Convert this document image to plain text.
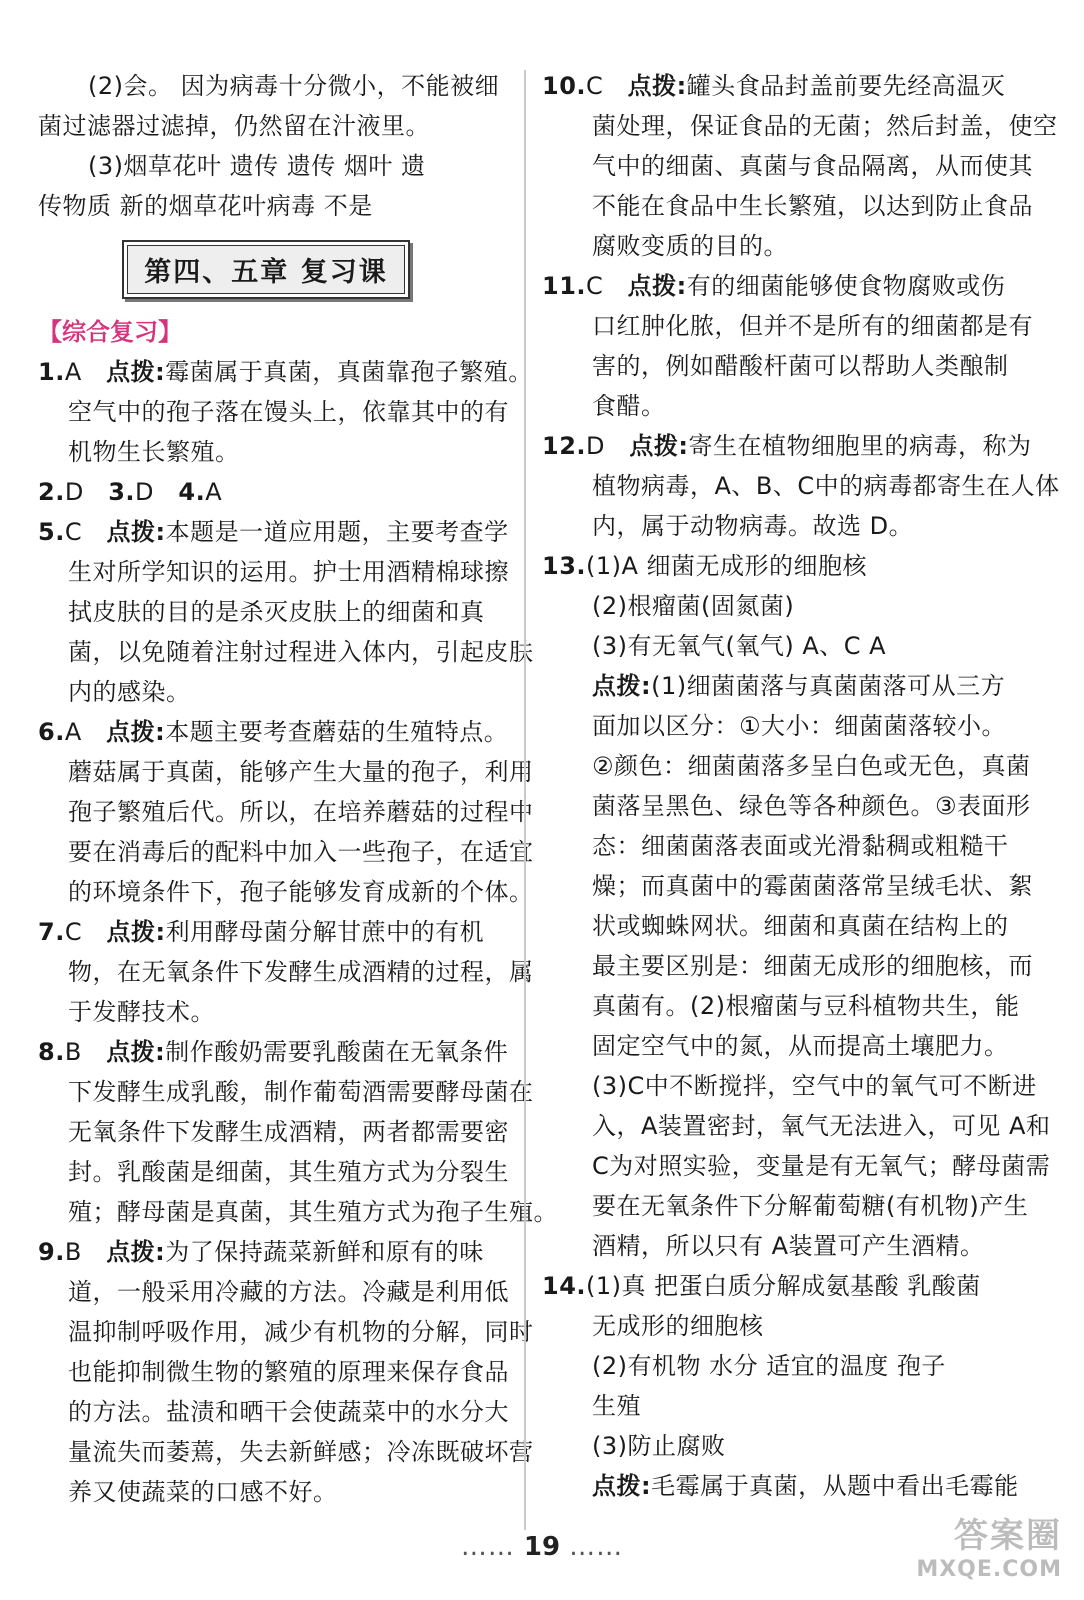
(2)会。 因为病毒十分微小，不能被细

菌过滤器过滤掉，仍然留在汁液里。

(3)烟草花叶 遗传 遗传 烟叶 遗

传物质 新的烟草花叶病毒 不是

第四、五章 复习课

【综合复习】

1.A 点拨:霉菌属于真菌，真菌靠孢子繁殖。

空气中的孢子落在馒头上，依靠其中的有

机物生长繁殖。

2.D 3.D 4.A

5.C 点拨:本题是一道应用题，主要考查学

生对所学知识的运用。护士用酒精棉球擦

拭皮肤的目的是杀灭皮肤上的细菌和真

菌，以免随着注射过程进入体内，引起皮肤

内的感染。

6.A 点拨:本题主要考查蘑菇的生殖特点。

蘑菇属于真菌，能够产生大量的孢子，利用

孢子繁殖后代。所以，在培养蘑菇的过程中

要在消毒后的配料中加入一些孢子，在适宜

的环境条件下，孢子能够发育成新的个体。

7.C 点拨:利用酵母菌分解甘蔗中的有机

物，在无氧条件下发酵生成酒精的过程，属

于发酵技术。

8.B 点拨:制作酸奶需要乳酸菌在无氧条件

下发酵生成乳酸，制作葡萄酒需要酵母菌在

无氧条件下发酵生成酒精，两者都需要密

封。乳酸菌是细菌，其生殖方式为分裂生

殖；酵母菌是真菌，其生殖方式为孢子生殖。

9.B 点拨:为了保持蔬菜新鲜和原有的味

道，一般采用冷藏的方法。冷藏是利用低

温抑制呼吸作用，减少有机物的分解，同时

也能抑制微生物的繁殖的原理来保存食品

的方法。盐渍和晒干会使蔬菜中的水分大

量流失而萎蔫，失去新鲜感；冷冻既破坏营

养又使蔬菜的口感不好。

10.C 点拨:罐头食品封盖前要先经高温灭

菌处理，保证食品的无菌；然后封盖，使空

气中的细菌、真菌与食品隔离，从而使其

不能在食品中生长繁殖，以达到防止食品

腐败变质的目的。

11.C 点拨:有的细菌能够使食物腐败或伤

口红肿化脓，但并不是所有的细菌都是有

害的，例如醋酸杆菌可以帮助人类酿制

食醋。

12.D 点拨:寄生在植物细胞里的病毒，称为

植物病毒，A、B、C中的病毒都寄生在人体

内，属于动物病毒。故选 D。

13.(1)A 细菌无成形的细胞核

(2)根瘤菌(固氮菌)

(3)有无氧气(氧气) A、C A

点拨:(1)细菌菌落与真菌菌落可从三方

面加以区分：①大小：细菌菌落较小。

②颜色：细菌菌落多呈白色或无色，真菌

菌落呈黑色、绿色等各种颜色。③表面形

态：细菌菌落表面或光滑黏稠或粗糙干

燥；而真菌中的霉菌菌落常呈绒毛状、絮

状或蜘蛛网状。细菌和真菌在结构上的

最主要区别是：细菌无成形的细胞核，而

真菌有。(2)根瘤菌与豆科植物共生，能

固定空气中的氮，从而提高土壤肥力。

(3)C中不断搅拌，空气中的氧气可不断进

入，A装置密封，氧气无法进入，可见 A和

C为对照实验，变量是有无氧气；酵母菌需

要在无氧条件下分解葡萄糖(有机物)产生

酒精，所以只有 A装置可产生酒精。

14.(1)真 把蛋白质分解成氨基酸 乳酸菌

无成形的细胞核

(2)有机物 水分 适宜的温度 孢子

生殖

(3)防止腐败

点拨:毛霉属于真菌，从题中看出毛霉能

…… 19 ……	答案圈
MXQE.COM
